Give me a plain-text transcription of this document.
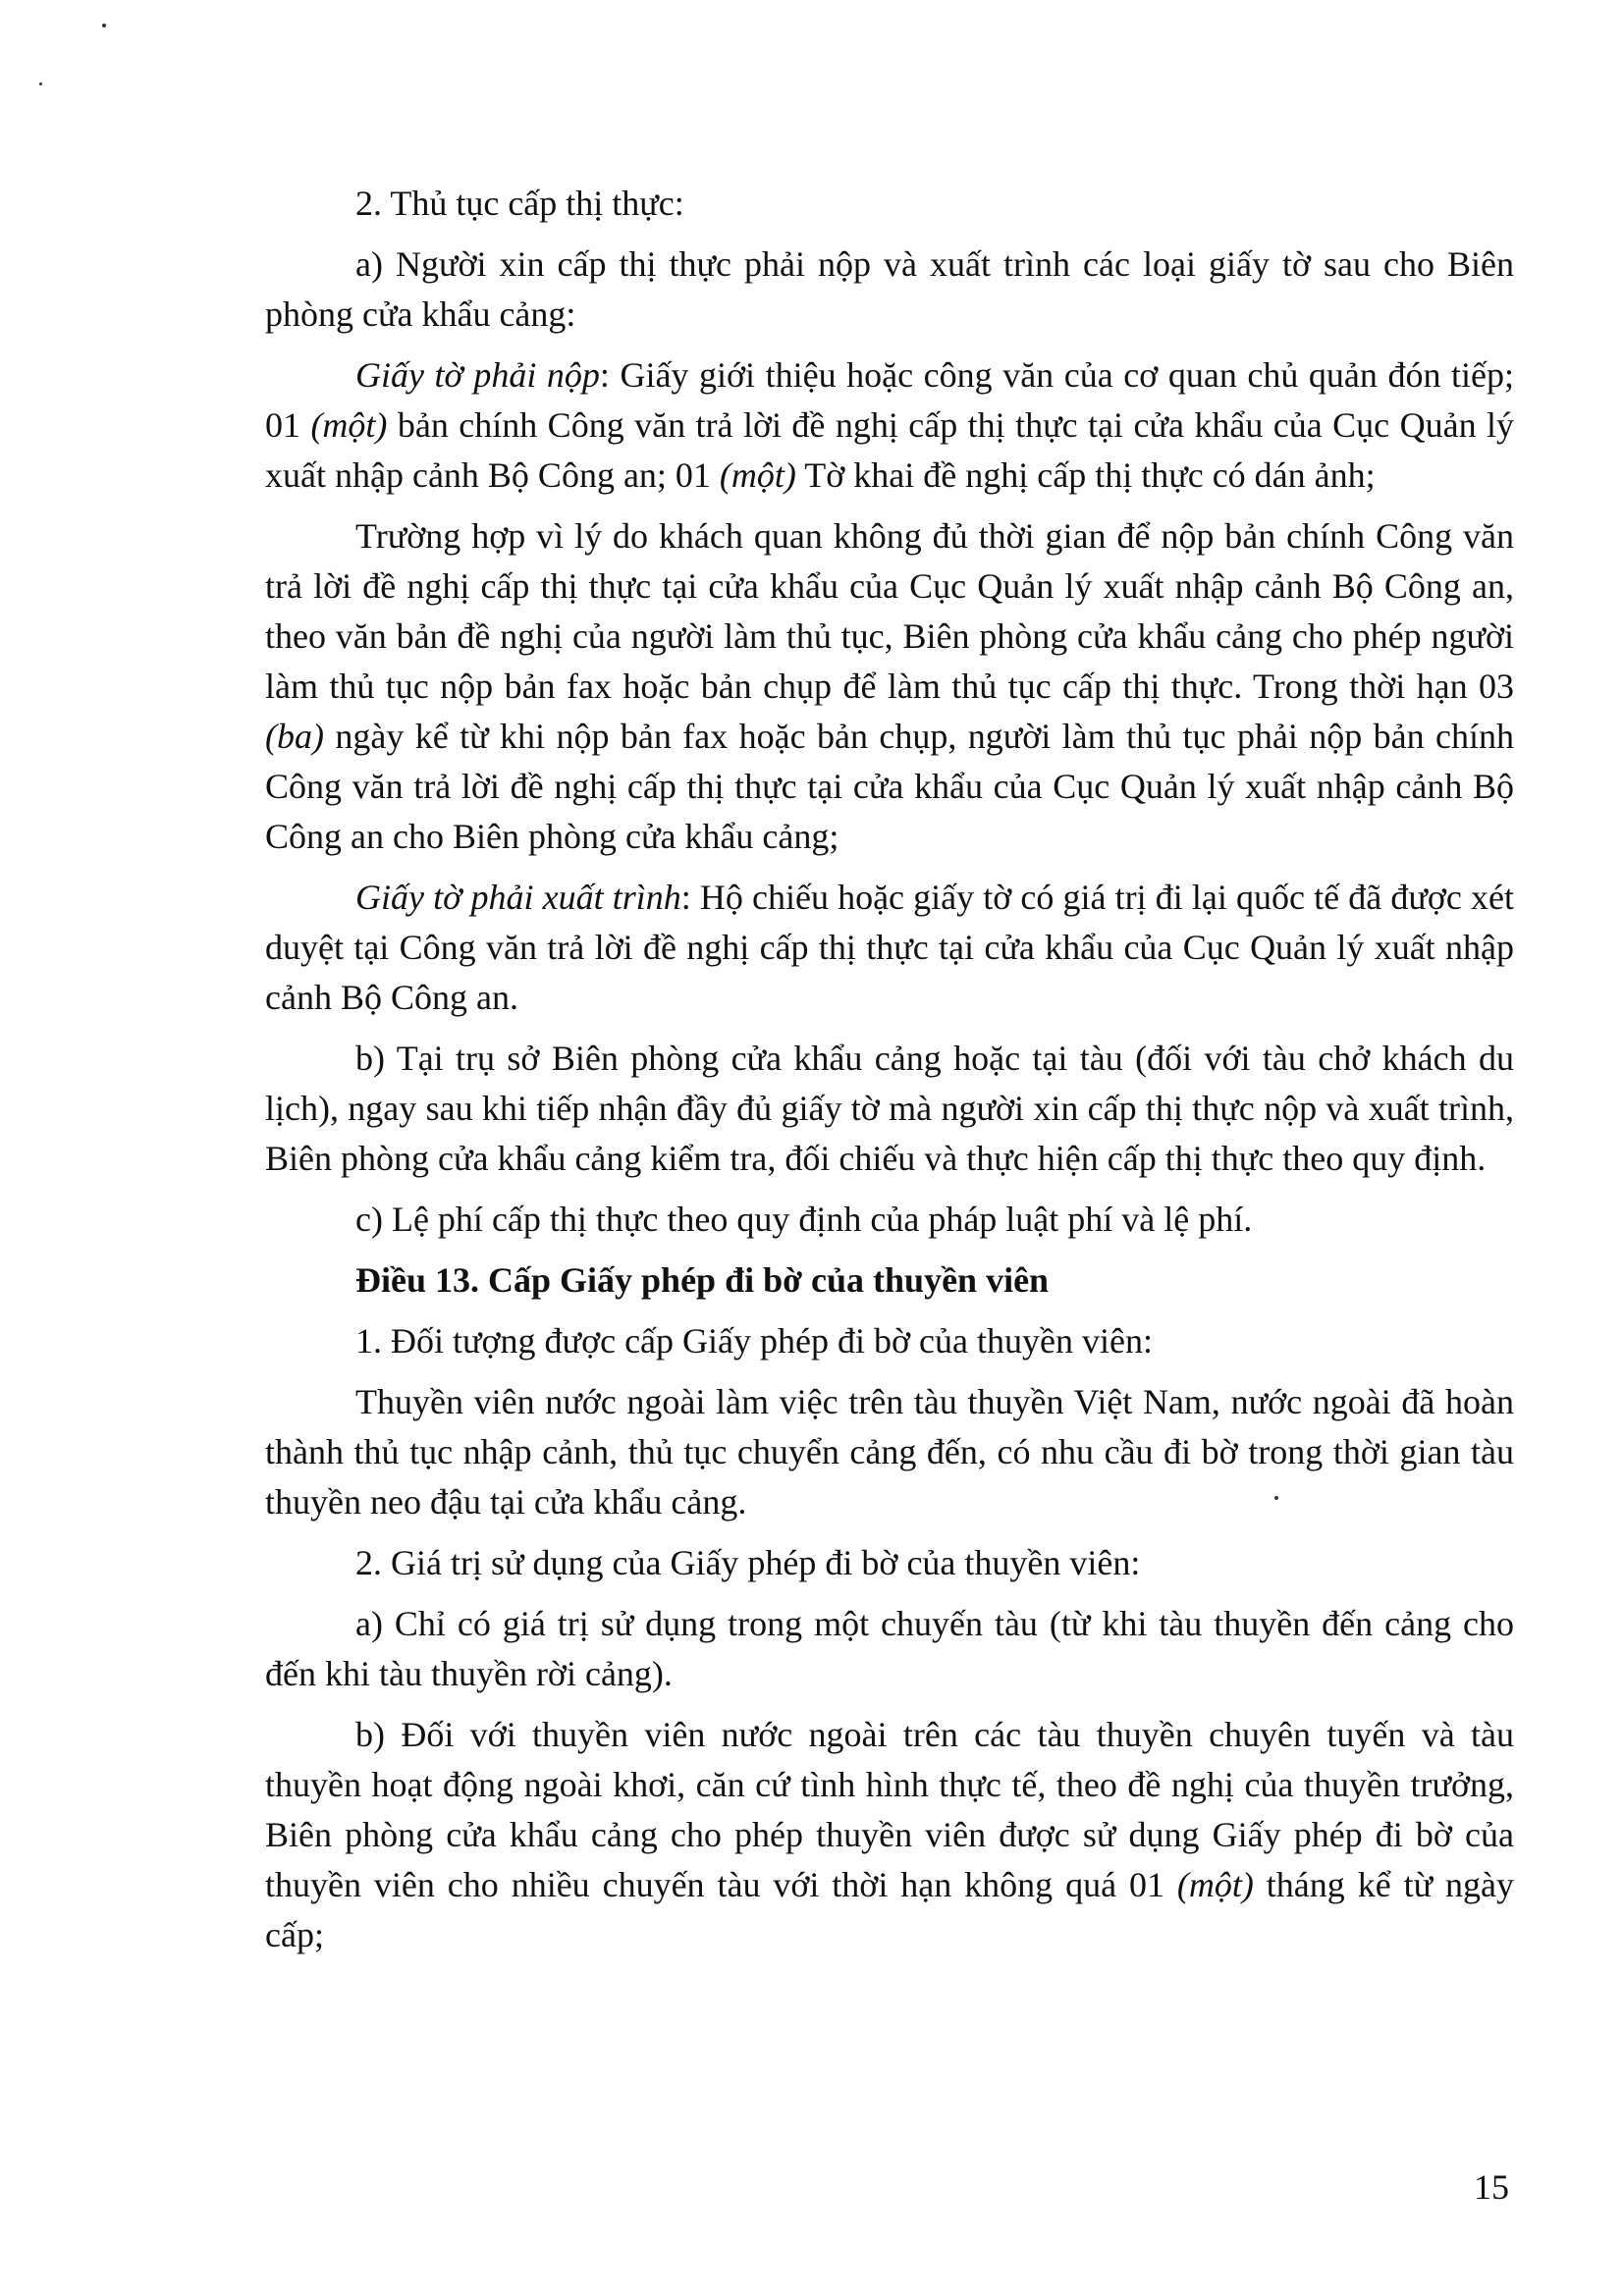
2. Thủ tục cấp thị thực:

a) Người xin cấp thị thực phải nộp và xuất trình các loại giấy tờ sau cho Biên phòng cửa khẩu cảng:

Giấy tờ phải nộp: Giấy giới thiệu hoặc công văn của cơ quan chủ quản đón tiếp; 01 (một) bản chính Công văn trả lời đề nghị cấp thị thực tại cửa khẩu của Cục Quản lý xuất nhập cảnh Bộ Công an; 01 (một) Tờ khai đề nghị cấp thị thực có dán ảnh;

Trường hợp vì lý do khách quan không đủ thời gian để nộp bản chính Công văn trả lời đề nghị cấp thị thực tại cửa khẩu của Cục Quản lý xuất nhập cảnh Bộ Công an, theo văn bản đề nghị của người làm thủ tục, Biên phòng cửa khẩu cảng cho phép người làm thủ tục nộp bản fax hoặc bản chụp để làm thủ tục cấp thị thực. Trong thời hạn 03 (ba) ngày kể từ khi nộp bản fax hoặc bản chụp, người làm thủ tục phải nộp bản chính Công văn trả lời đề nghị cấp thị thực tại cửa khẩu của Cục Quản lý xuất nhập cảnh Bộ Công an cho Biên phòng cửa khẩu cảng;

Giấy tờ phải xuất trình: Hộ chiếu hoặc giấy tờ có giá trị đi lại quốc tế đã được xét duyệt tại Công văn trả lời đề nghị cấp thị thực tại cửa khẩu của Cục Quản lý xuất nhập cảnh Bộ Công an.

b) Tại trụ sở Biên phòng cửa khẩu cảng hoặc tại tàu (đối với tàu chở khách du lịch), ngay sau khi tiếp nhận đầy đủ giấy tờ mà người xin cấp thị thực nộp và xuất trình, Biên phòng cửa khẩu cảng kiểm tra, đối chiếu và thực hiện cấp thị thực theo quy định.

c) Lệ phí cấp thị thực theo quy định của pháp luật phí và lệ phí.

Điều 13. Cấp Giấy phép đi bờ của thuyền viên

1. Đối tượng được cấp Giấy phép đi bờ của thuyền viên:

Thuyền viên nước ngoài làm việc trên tàu thuyền Việt Nam, nước ngoài đã hoàn thành thủ tục nhập cảnh, thủ tục chuyển cảng đến, có nhu cầu đi bờ trong thời gian tàu thuyền neo đậu tại cửa khẩu cảng.

2. Giá trị sử dụng của Giấy phép đi bờ của thuyền viên:

a) Chỉ có giá trị sử dụng trong một chuyến tàu (từ khi tàu thuyền đến cảng cho đến khi tàu thuyền rời cảng).

b) Đối với thuyền viên nước ngoài trên các tàu thuyền chuyên tuyến và tàu thuyền hoạt động ngoài khơi, căn cứ tình hình thực tế, theo đề nghị của thuyền trưởng, Biên phòng cửa khẩu cảng cho phép thuyền viên được sử dụng Giấy phép đi bờ của thuyền viên cho nhiều chuyến tàu với thời hạn không quá 01 (một) tháng kể từ ngày cấp;

15
